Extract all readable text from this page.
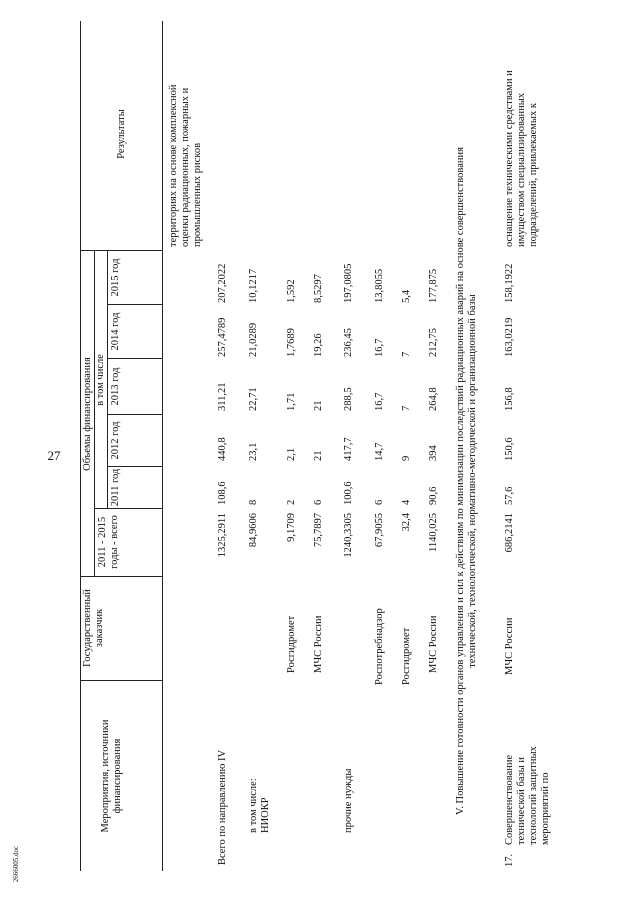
27
2666005.doc
Мероприятия, источники финансирования
Государственный заказчик
Объемы финансирования
2011 - 2015 годы - всего
в том числе
2011 год
2012 год
2013 год
2014 год
2015 год
Результаты	территориях на основе комплексной оценки радиационных, пожарных и промышленных рисков
Всего по направлению IV
1325,2911
108,6
440,8
311,21
257,4789
207,2022
в том числе: НИОКР
84,9606
8
23,1
22,71
21,0289
10,1217
Росгидромет
9,1709
2
2,1
1,71
1,7689
1,592
МЧС России
75,7897
6
21
21
19,26
8,5297
прочие нужды
1240,3305
100,6
417,7
288,5
236,45
197,0805
Роспотребнадзор
67,9055
6
14,7
16,7
16,7
13,8055
Росгидромет
32,4
4
9
7
7
5,4
МЧС России
1140,025
90,6
394
264,8
212,75
177,875 V. Повышение готовности органов управления и сил к действиям по минимизации последствий радиационных аварий на основе совершенствования технической, технологической, нормативно-методической и организационной базы
17.
Совершенствование технической базы и технологий защитных мероприятий по
МЧС России
686,2141
57,6
150,6
156,8
163,0219
158,1922
оснащение техническими средствами и имуществом специализированных подразделений, привлекаемых к
